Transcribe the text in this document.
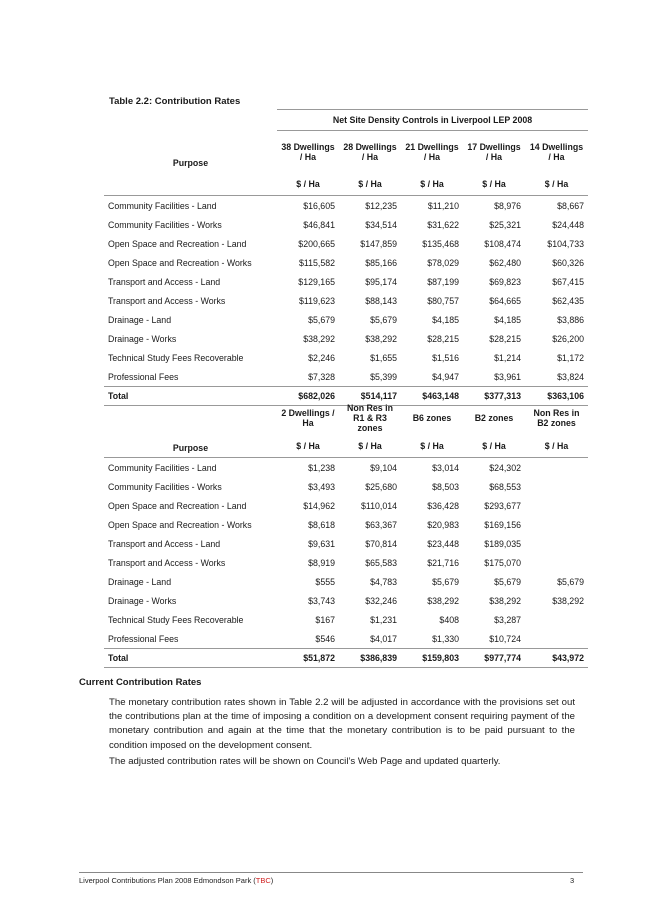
Table 2.2: Contribution Rates
	Net Site Density Controls in Liverpool LEP 2008				
Purpose	38 Dwellings / Ha	28 Dwellings / Ha	21 Dwellings / Ha	17 Dwellings / Ha	14 Dwellings / Ha
	$ / Ha	$ / Ha	$ / Ha	$ / Ha	$ / Ha
Community Facilities - Land	$16,605	$12,235	$11,210	$8,976	$8,667
Community Facilities - Works	$46,841	$34,514	$31,622	$25,321	$24,448
Open Space and Recreation - Land	$200,665	$147,859	$135,468	$108,474	$104,733
Open Space and Recreation - Works	$115,582	$85,166	$78,029	$62,480	$60,326
Transport and Access - Land	$129,165	$95,174	$87,199	$69,823	$67,415
Transport and Access - Works	$119,623	$88,143	$80,757	$64,665	$62,435
Drainage - Land	$5,679	$5,679	$4,185	$4,185	$3,886
Drainage - Works	$38,292	$38,292	$28,215	$28,215	$26,200
Technical Study Fees Recoverable	$2,246	$1,655	$1,516	$1,214	$1,172
Professional Fees	$7,328	$5,399	$4,947	$3,961	$3,824
Total	$682,026	$514,117	$463,148	$377,313	$363,106
Purpose	2 Dwellings / Ha	Non Res in R1 & R3 zones	B6 zones	B2 zones	Non Res in B2 zones
	$ / Ha	$ / Ha	$ / Ha	$ / Ha	$ / Ha
Community Facilities - Land	$1,238	$9,104	$3,014	$24,302	
Community Facilities - Works	$3,493	$25,680	$8,503	$68,553	
Open Space and Recreation - Land	$14,962	$110,014	$36,428	$293,677	
Open Space and Recreation - Works	$8,618	$63,367	$20,983	$169,156	
Transport and Access - Land	$9,631	$70,814	$23,448	$189,035	
Transport and Access - Works	$8,919	$65,583	$21,716	$175,070	
Drainage - Land	$555	$4,783	$5,679	$5,679	$5,679
Drainage - Works	$3,743	$32,246	$38,292	$38,292	$38,292
Technical Study Fees Recoverable	$167	$1,231	$408	$3,287	
Professional Fees	$546	$4,017	$1,330	$10,724	
Total	$51,872	$386,839	$159,803	$977,774	$43,972
Current Contribution Rates

The monetary contribution rates shown in Table 2.2 will be adjusted in accordance with the provisions set out the contributions plan at the time of imposing a condition on a development consent requiring payment of the monetary contribution and again at the time that the monetary contribution is to be paid pursuant to the condition imposed on the development consent.

The adjusted contribution rates will be shown on Council’s Web Page and updated quarterly.

Liverpool Contributions Plan 2008 Edmondson Park (TBC)	3
